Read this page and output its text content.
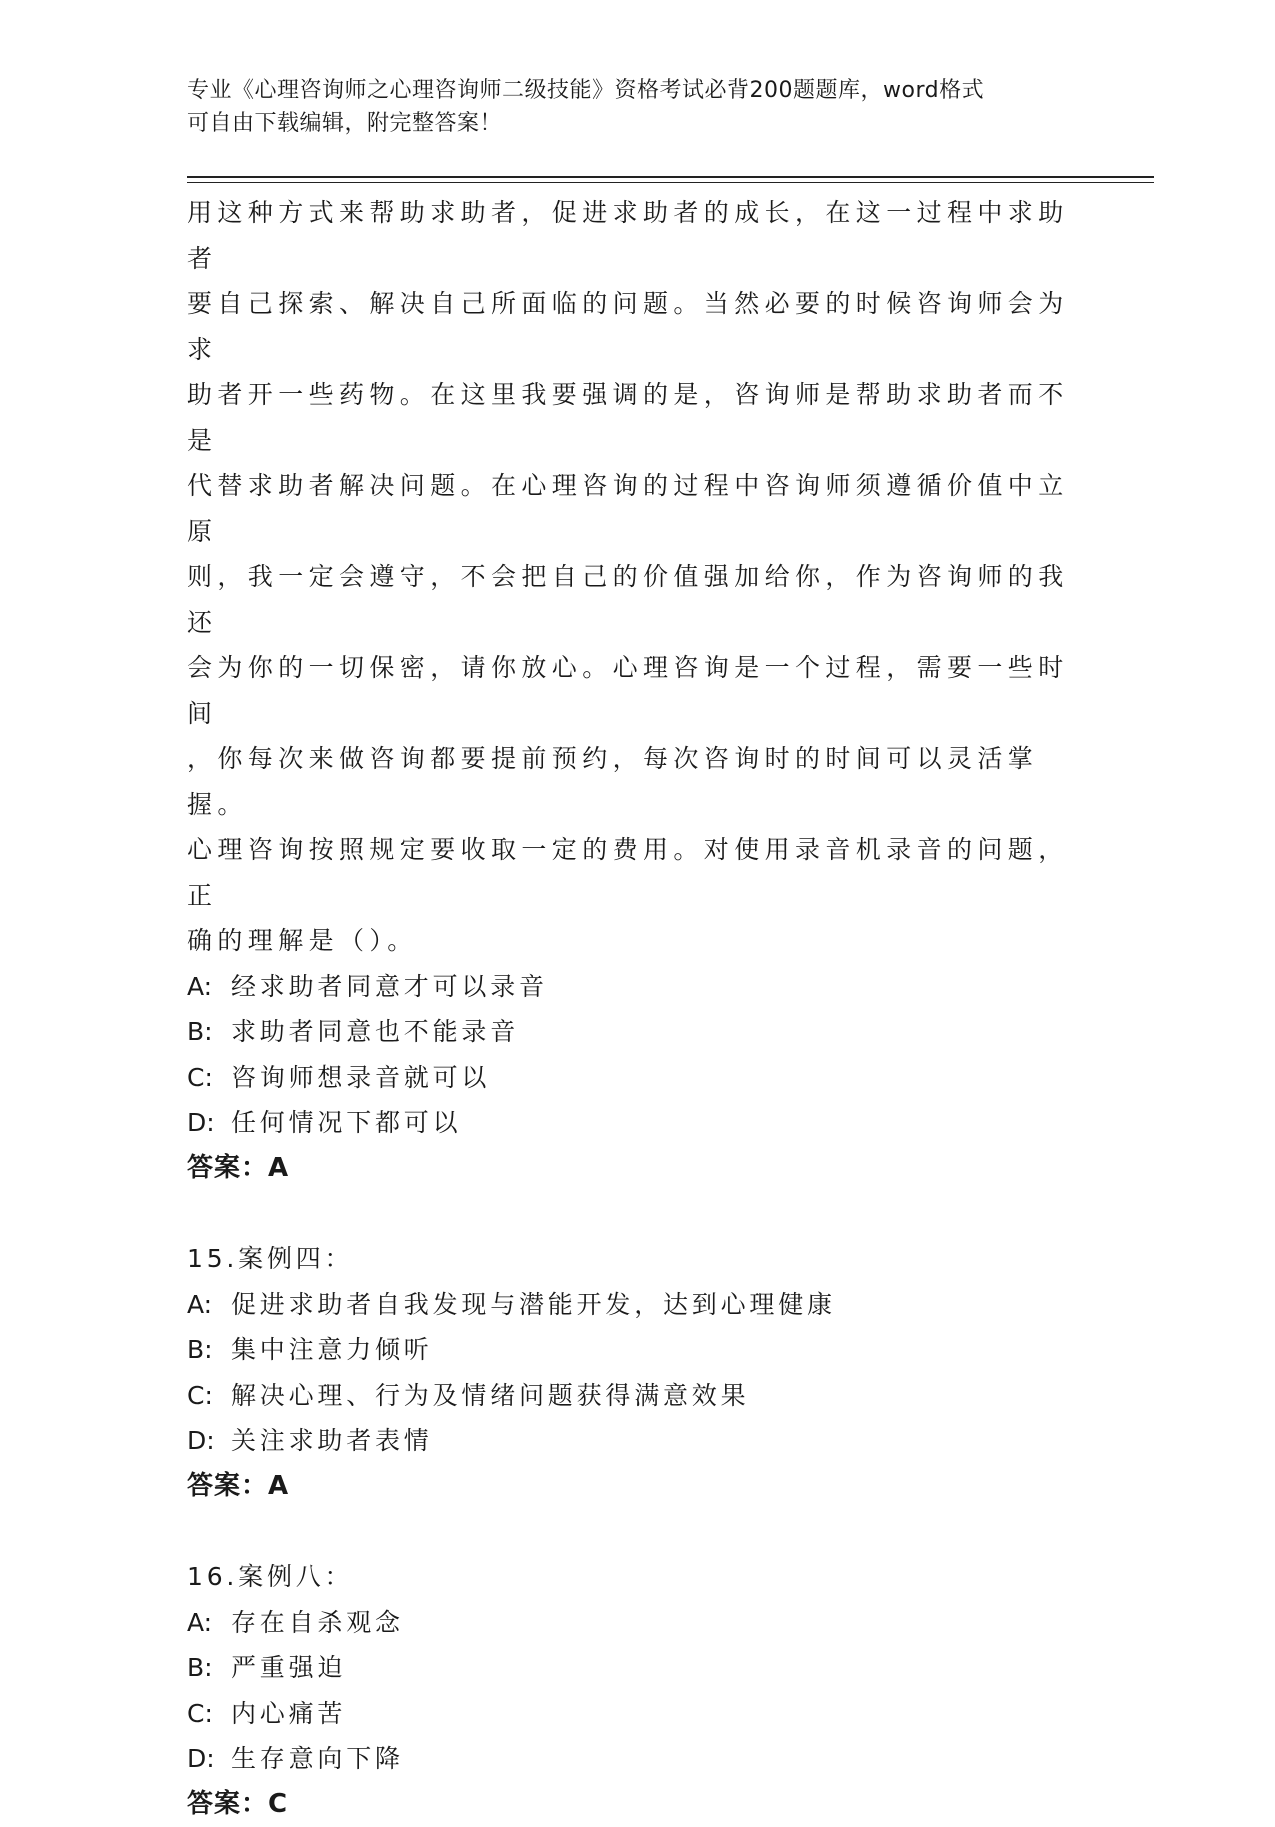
专业《心理咨询师之心理咨询师二级技能》资格考试必背200题题库，word格式
可自由下载编辑，附完整答案！

用这种方式来帮助求助者，促进求助者的成长，在这一过程中求助者
要自己探索、解决自己所面临的问题。当然必要的时候咨询师会为求
助者开一些药物。在这里我要强调的是，咨询师是帮助求助者而不是
代替求助者解决问题。在心理咨询的过程中咨询师须遵循价值中立原
则，我一定会遵守，不会把自己的价值强加给你，作为咨询师的我还
会为你的一切保密，请你放心。心理咨询是一个过程，需要一些时间
，你每次来做咨询都要提前预约，每次咨询时的时间可以灵活掌握。
心理咨询按照规定要收取一定的费用。对使用录音机录音的问题，正
确的理解是（）。

A: 经求助者同意才可以录音

B: 求助者同意也不能录音

C: 咨询师想录音就可以

D: 任何情况下都可以

答案：A

15.案例四：

A: 促进求助者自我发现与潜能开发，达到心理健康

B: 集中注意力倾听

C: 解决心理、行为及情绪问题获得满意效果

D: 关注求助者表情

答案：A

16.案例八：

A: 存在自杀观念

B: 严重强迫

C: 内心痛苦

D: 生存意向下降

答案：C
